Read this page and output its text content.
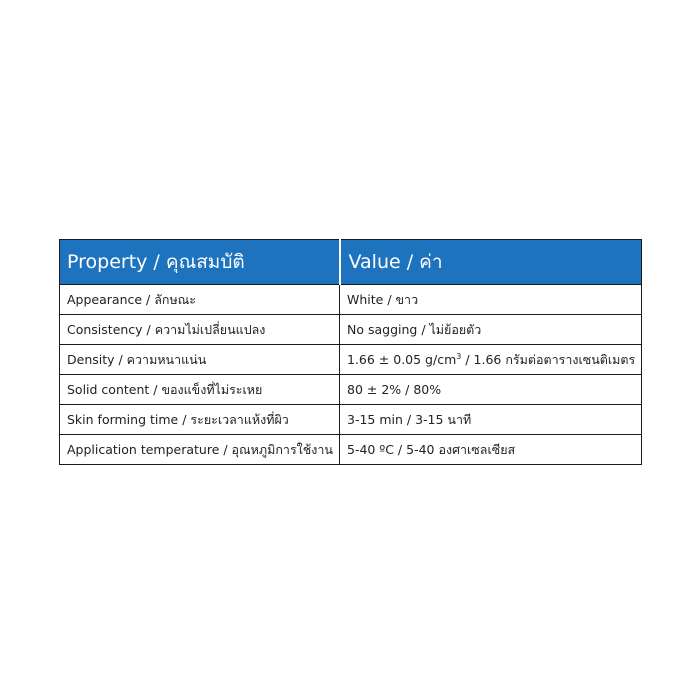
Property / คุณสมบัติ	Value / ค่า
Appearance / ลักษณะ	White / ขาว
Consistency / ความไม่เปลี่ยนแปลง	No sagging / ไม่ย้อยตัว
Density / ความหนาแน่น	1.66 ± 0.05 $g/cm^3 / 1.66$ กรัมต่อตารางเซนติเมตร
Solid content / ของแข็งที่ไม่ระเหย	80 ± 2% / 80%
Skin forming time / ระยะเวลาแห้งที่ผิว	3-15 min / 3-15 นาที
Application temperature / อุณหภูมิการใช้งาน	5-40 ºC / 5-40 องศาเซลเซียส
